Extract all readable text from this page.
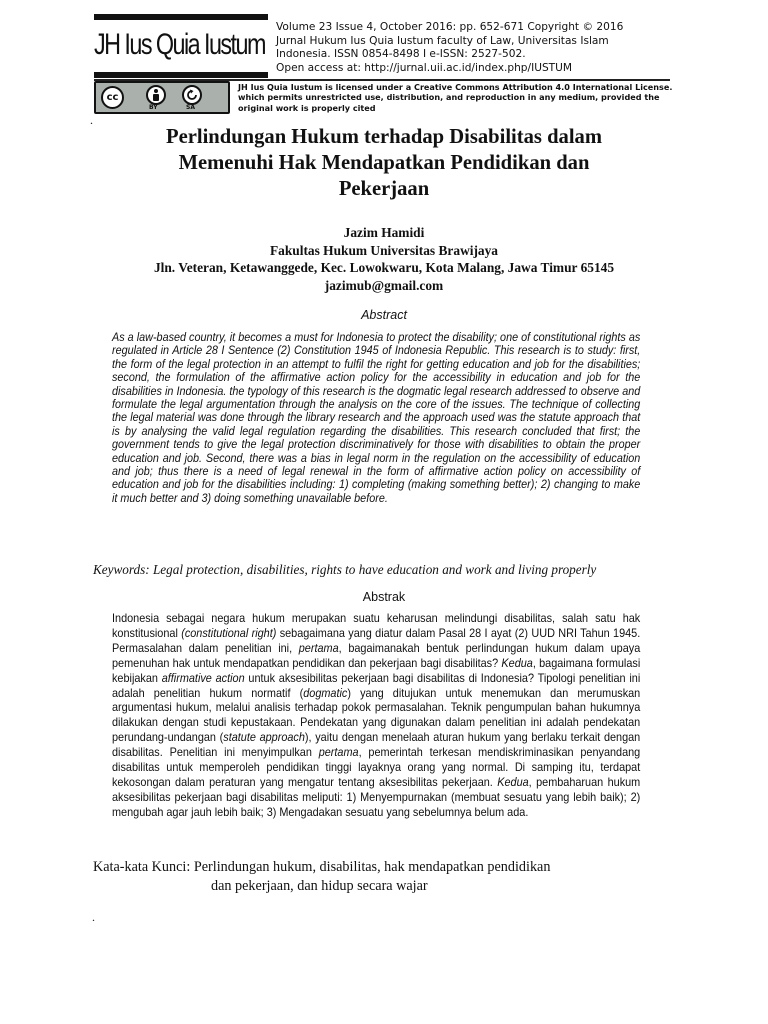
JH Ius Quia Iustum
Volume 23 Issue 4, October 2016: pp. 652-671 Copyright © 2016
Jurnal Hukum Ius Quia Iustum faculty of Law, Universitas Islam
Indonesia. ISSN 0854-8498 I e-ISSN: 2527-502.
Open access at: http://jurnal.uii.ac.id/index.php/IUSTUM
cc
BY	SA
JH Ius Quia Iustum is licensed under a Creative Commons Attribution 4.0 International License.
which permits unrestricted use, distribution, and reproduction in any medium, provided the
original work is properly cited
.
Perlindungan Hukum terhadap Disabilitas dalam
Memenuhi Hak Mendapatkan Pendidikan dan
Pekerjaan
Jazim Hamidi
Fakultas Hukum Universitas Brawijaya
Jln. Veteran, Ketawanggede, Kec. Lowokwaru, Kota Malang, Jawa Timur 65145
jazimub@gmail.com
Abstract
As a law-based country, it becomes a must for Indonesia to protect the disability; one of constitutional rights as regulated in Article 28 I Sentence (2) Constitution 1945 of Indonesia Republic. This research is to study: first, the form of the legal protection in an attempt to fulfil the right for getting education and job for the disabilities; second, the formulation of the affirmative action policy for the accessibility in education and job for the disabilities in Indonesia. the typology of this research is the dogmatic legal research addressed to observe and formulate the legal argumentation through the analysis on the core of the issues. The technique of collecting the legal material was done through the library research and the approach used was the statute approach that is by analysing the valid legal regulation regarding the disabilities. This research concluded that first; the government tends to give the legal protection discriminatively for those with disabilities to obtain the proper education and job. Second, there was a bias in legal norm in the regulation on the accessibility of education and job; thus there is a need of legal renewal in the form of affirmative action policy on accessibility of education and job for the disabilities including: 1) completing (making something better); 2) changing to make it much better and 3) doing something unavailable before.
Keywords: Legal protection, disabilities, rights to have education and work and living properly
Abstrak
Indonesia sebagai negara hukum merupakan suatu keharusan melindungi disabilitas, salah satu hak konstitusional (constitutional right) sebagaimana yang diatur dalam Pasal 28 I ayat (2) UUD NRI Tahun 1945. Permasalahan dalam penelitian ini, pertama, bagaimanakah bentuk perlindungan hukum dalam upaya pemenuhan hak untuk mendapatkan pendidikan dan pekerjaan bagi disabilitas? Kedua, bagaimana formulasi kebijakan affirmative action untuk aksesibilitas pekerjaan bagi disabilitas di Indonesia? Tipologi penelitian ini adalah penelitian hukum normatif (dogmatic) yang ditujukan untuk menemukan dan merumuskan argumentasi hukum, melalui analisis terhadap pokok permasalahan. Teknik pengumpulan bahan hukumnya dilakukan dengan studi kepustakaan. Pendekatan yang digunakan dalam penelitian ini adalah pendekatan perundang-undangan (statute approach), yaitu dengan menelaah aturan hukum yang berlaku terkait dengan disabilitas. Penelitian ini menyimpulkan pertama, pemerintah terkesan mendiskriminasikan penyandang disabilitas untuk memperoleh pendidikan tinggi layaknya orang yang normal. Di samping itu, terdapat kekosongan dalam peraturan yang mengatur tentang aksesibilitas pekerjaan. Kedua, pembaharuan hukum aksesibilitas pekerjaan bagi disabilitas meliputi: 1) Menyempurnakan (membuat sesuatu yang lebih baik); 2) mengubah agar jauh lebih baik; 3) Mengadakan sesuatu yang sebelumnya belum ada.
Kata-kata Kunci: Perlindungan hukum, disabilitas, hak mendapatkan pendidikan
dan pekerjaan, dan hidup secara wajar
.
